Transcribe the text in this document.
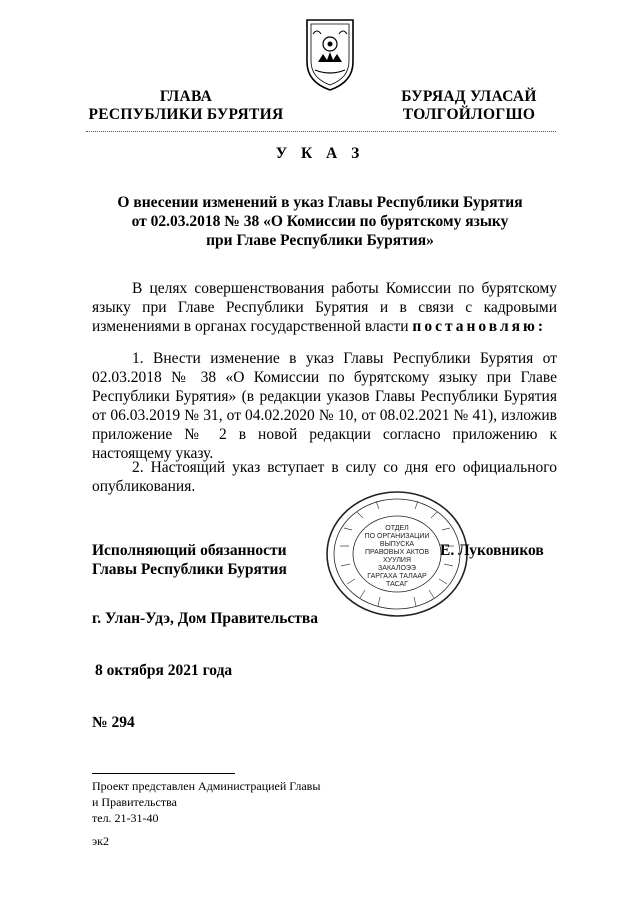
ГЛАВА
РЕСПУБЛИКИ БУРЯТИЯ
БУРЯАД УЛАСАЙ
ТОЛГОЙЛОГШО
У К А З
О внесении изменений в указ Главы Республики Бурятия
от 02.03.2018 № 38 «О Комиссии по бурятскому языку
при Главе Республики Бурятия»
В целях совершенствования работы Комиссии по бурятскому языку при Главе Республики Бурятия и в связи с кадровыми изменениями в органах государственной власти постановляю:
1. Внести изменение в указ Главы Республики Бурятия от 02.03.2018 № 38 «О Комиссии по бурятскому языку при Главе Республики Бурятия» (в редакции указов Главы Республики Бурятия от 06.03.2019 № 31, от 04.02.2020 № 10, от 08.02.2021 № 41), изложив приложение № 2 в новой редакции согласно приложению к настоящему указу.
2. Настоящий указ вступает в силу со дня его официального опубликования.
ОТДЕЛ
ПО ОРГАНИЗАЦИИ
ВЫПУСКА
ПРАВОВЫХ АКТОВ
ХУУЛИЯ
ЗАКАЛОЭЭ
ГАРГАХА ТАЛААР
ТАСАГ
Исполняющий обязанности
Главы Республики Бурятия
Е. Луковников
г. Улан-Удэ, Дом Правительства
8 октября 2021 года
№ 294
Проект представлен Администрацией Главы
и Правительства
тел. 21-31-40
эк2
